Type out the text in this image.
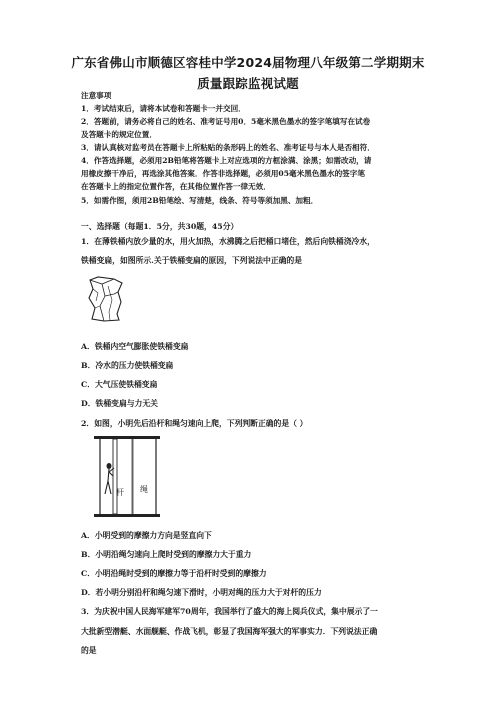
广东省佛山市顺德区容桂中学2024届物理八年级第二学期期末
质量跟踪监视试题
注意事项
1．考试结束后，请将本试卷和答题卡一并交回．
2．答题前，请务必将自己的姓名、准考证号用0．5毫米黑色墨水的签字笔填写在试卷
及答题卡的规定位置．
3．请认真核对监考员在答题卡上所粘贴的条形码上的姓名、准考证号与本人是否相符．
4．作答选择题，必须用2B铅笔将答题卡上对应选项的方框涂满、涂黑；如需改动，请
用橡皮擦干净后，再选涂其他答案．作答非选择题，必须用05毫米黑色墨水的签字笔
在答题卡上的指定位置作答，在其他位置作答一律无效．
5．如需作图，须用2B铅笔绘、写清楚，线条、符号等须加黑、加粗．
一、选择题（每题1．5分，共30题，45分）
1．在薄铁桶内放少量的水，用火加热，水沸腾之后把桶口堵住，然后向铁桶浇冷水，
铁桶变扁，如图所示.关于铁桶变扁的原因，下列说法中正确的是
A．铁桶内空气膨胀使铁桶变扁
B．冷水的压力使铁桶变扁
C．大气压使铁桶变扁
D．铁桶变扁与力无关
2．如图，小明先后沿杆和绳匀速向上爬，下列判断正确的是（ ）
杆 绳
A．小明受到的摩擦力方向是竖直向下
B．小明沿绳匀速向上爬时受到的摩擦力大于重力
C．小明沿绳时受到的摩擦力等于沿杆时受到的摩擦力
D．若小明分别沿杆和绳匀速下滑时，小明对绳的压力大于对杆的压力
3．为庆祝中国人民海军建军70周年，我国举行了盛大的海上阅兵仪式，集中展示了一
大批新型潜艇、水面舰艇、作战飞机，彰显了我国海军强大的军事实力．下列说法正确
的是
